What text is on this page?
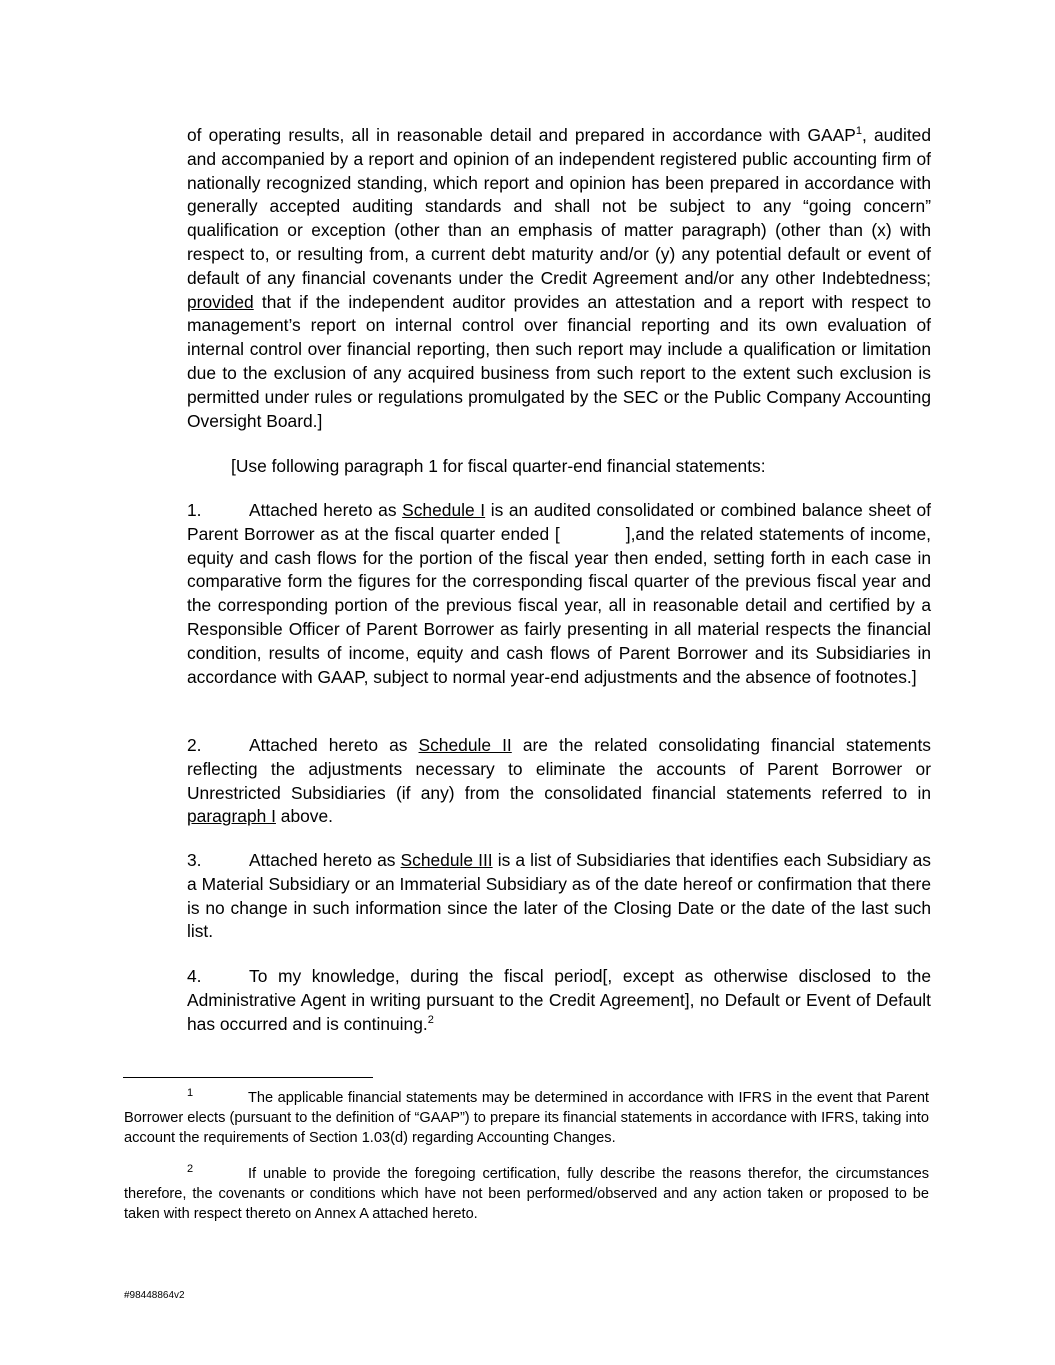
of operating results, all in reasonable detail and prepared in accordance with GAAP$^1$, audited and accompanied by a report and opinion of an independent registered public accounting firm of nationally recognized standing, which report and opinion has been prepared in accordance with generally accepted auditing standards and shall not be subject to any “going concern” qualification or exception (other than an emphasis of matter paragraph) (other than (x) with respect to, or resulting from, a current debt maturity and/or (y) any potential default or event of default of any financial covenants under the Credit Agreement and/or any other Indebtedness; provided that if the independent auditor provides an attestation and a report with respect to management’s report on internal control over financial reporting and its own evaluation of internal control over financial reporting, then such report may include a qualification or limitation due to the exclusion of any acquired business from such report to the extent such exclusion is permitted under rules or regulations promulgated by the SEC or the Public Company Accounting Oversight Board.]

[Use following paragraph 1 for fiscal quarter-end financial statements:

1.	Attached hereto as Schedule I is an audited consolidated or combined balance sheet of Parent Borrower as at the fiscal quarter ended [	],and the related statements of income, equity and cash flows for the portion of the fiscal year then ended, setting forth in each case in comparative form the figures for the corresponding fiscal quarter of the previous fiscal year and the corresponding portion of the previous fiscal year, all in reasonable detail and certified by a Responsible Officer of Parent Borrower as fairly presenting in all material respects the financial condition, results of income, equity and cash flows of Parent Borrower and its Subsidiaries in accordance with GAAP, subject to normal year-end adjustments and the absence of footnotes.]

2.	Attached hereto as Schedule II are the related consolidating financial statements reflecting the adjustments necessary to eliminate the accounts of Parent Borrower or Unrestricted Subsidiaries (if any) from the consolidated financial statements referred to in paragraph I above.

3.	Attached hereto as Schedule III is a list of Subsidiaries that identifies each Subsidiary as a Material Subsidiary or an Immaterial Subsidiary as of the date hereof or confirmation that there is no change in such information since the later of the Closing Date or the date of the last such list.

4.	To my knowledge, during the fiscal period[, except as otherwise disclosed to the Administrative Agent in writing pursuant to the Credit Agreement], no Default or Event of Default has occurred and is continuing.$^2$

1	The applicable financial statements may be determined in accordance with IFRS in the event that Parent Borrower elects (pursuant to the definition of “GAAP”) to prepare its financial statements in accordance with IFRS, taking into account the requirements of Section 1.03(d) regarding Accounting Changes.
2	If unable to provide the foregoing certification, fully describe the reasons therefor, the circumstances therefore, the covenants or conditions which have not been performed/observed and any action taken or proposed to be taken with respect thereto on Annex A attached hereto.
#98448864v2
